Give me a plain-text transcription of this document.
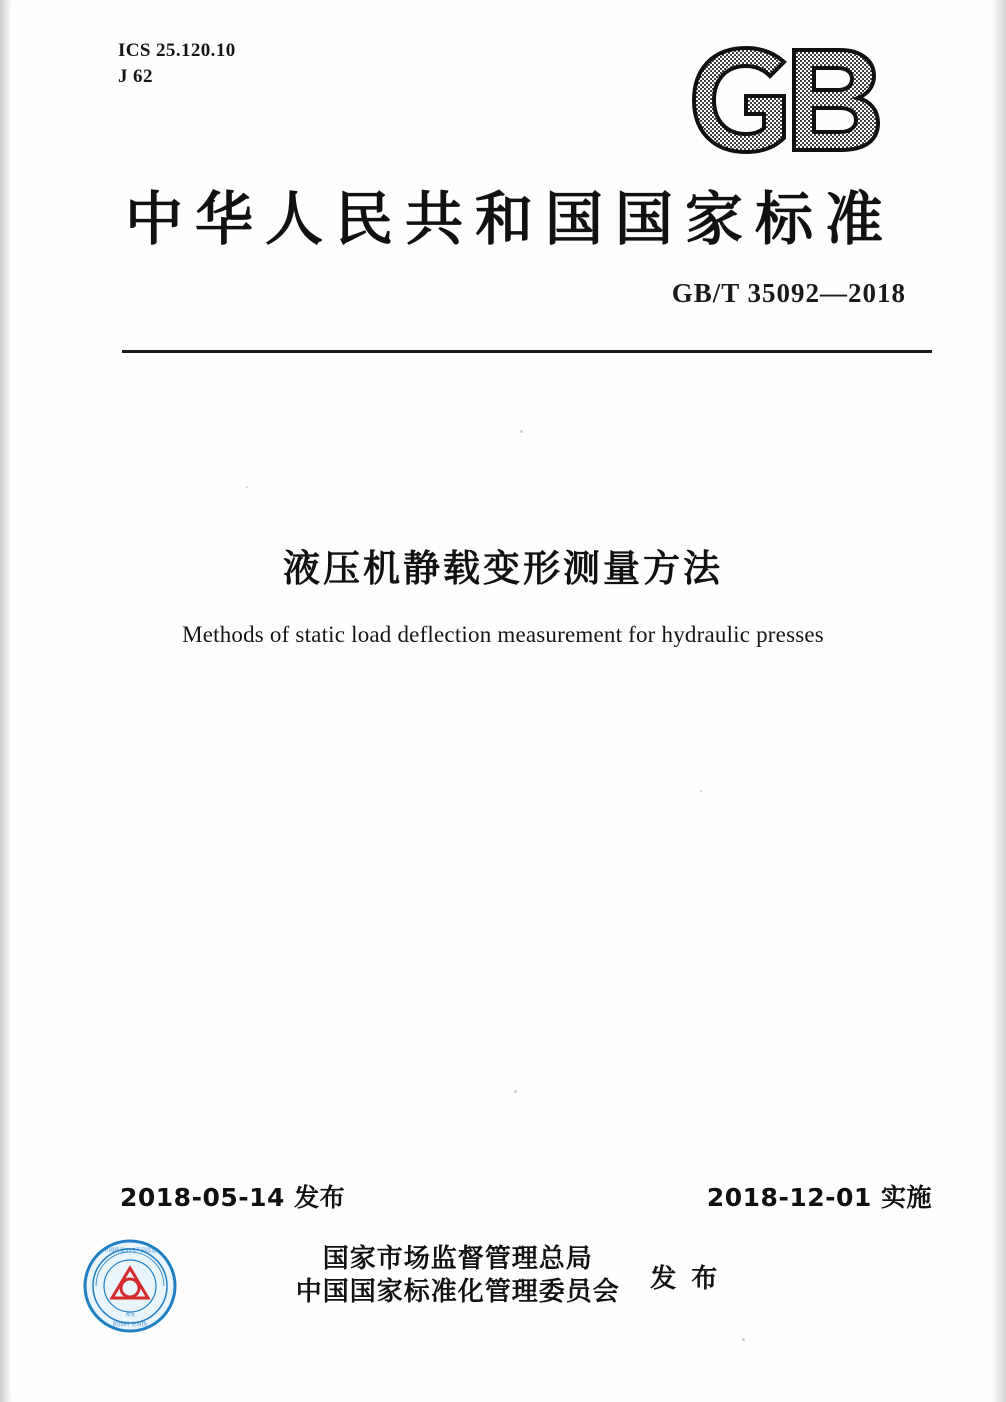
ICS 25.120.10
J 62
中华人民共和国国家标准
GB/T 35092—2018
液压机静载变形测量方法
Methods of static load deflection measurement for hydraulic presses
2018-05-14 发布	2018-12-01 实施
中国质量315产品信息
防伪码 查真伪
查询
国家市场监督管理总局
中国国家标准化管理委员会 发 布
